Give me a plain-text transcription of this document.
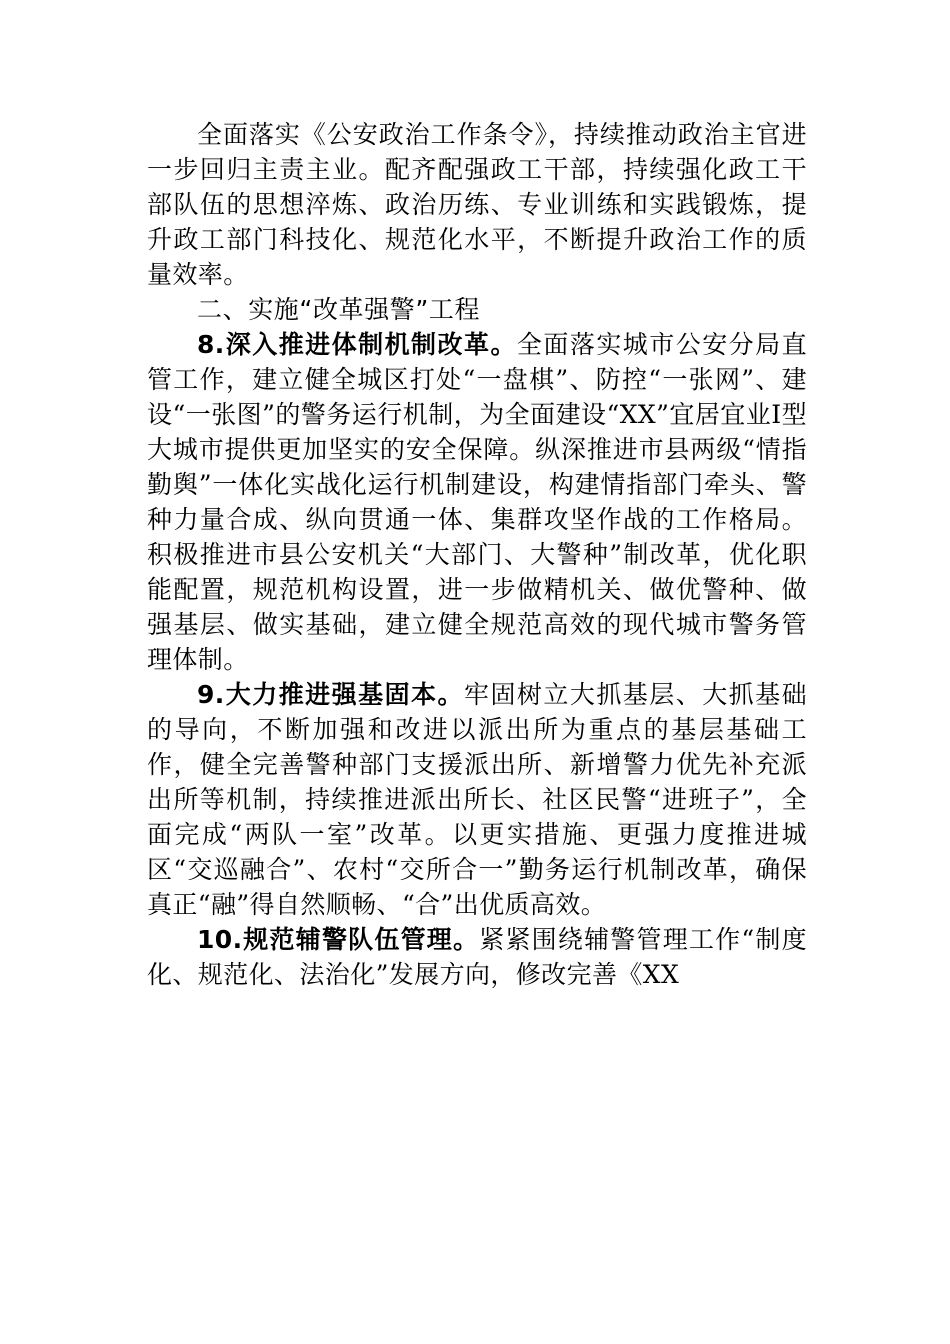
全面落实《公安政治工作条令》，持续推动政治主官进一步回归主责主业。配齐配强政工干部，持续强化政工干部队伍的思想淬炼、政治历练、专业训练和实践锻炼，提升政工部门科技化、规范化水平，不断提升政治工作的质量效率。

二、实施“改革强警”工程

8.深入推进体制机制改革。全面落实城市公安分局直管工作，建立健全城区打处“一盘棋”、防控“一张网”、建设“一张图”的警务运行机制，为全面建设“XX”宜居宜业I型大城市提供更加坚实的安全保障。纵深推进市县两级“情指勤舆”一体化实战化运行机制建设，构建情指部门牵头、警种力量合成、纵向贯通一体、集群攻坚作战的工作格局。积极推进市县公安机关“大部门、大警种”制改革，优化职能配置，规范机构设置，进一步做精机关、做优警种、做强基层、做实基础，建立健全规范高效的现代城市警务管理体制。

9.大力推进强基固本。牢固树立大抓基层、大抓基础的导向，不断加强和改进以派出所为重点的基层基础工作，健全完善警种部门支援派出所、新增警力优先补充派出所等机制，持续推进派出所长、社区民警“进班子”，全面完成“两队一室”改革。以更实措施、更强力度推进城区“交巡融合”、农村“交所合一”勤务运行机制改革，确保真正“融”得自然顺畅、“合”出优质高效。

10.规范辅警队伍管理。紧紧围绕辅警管理工作“制度化、规范化、法治化”发展方向，修改完善《XX
